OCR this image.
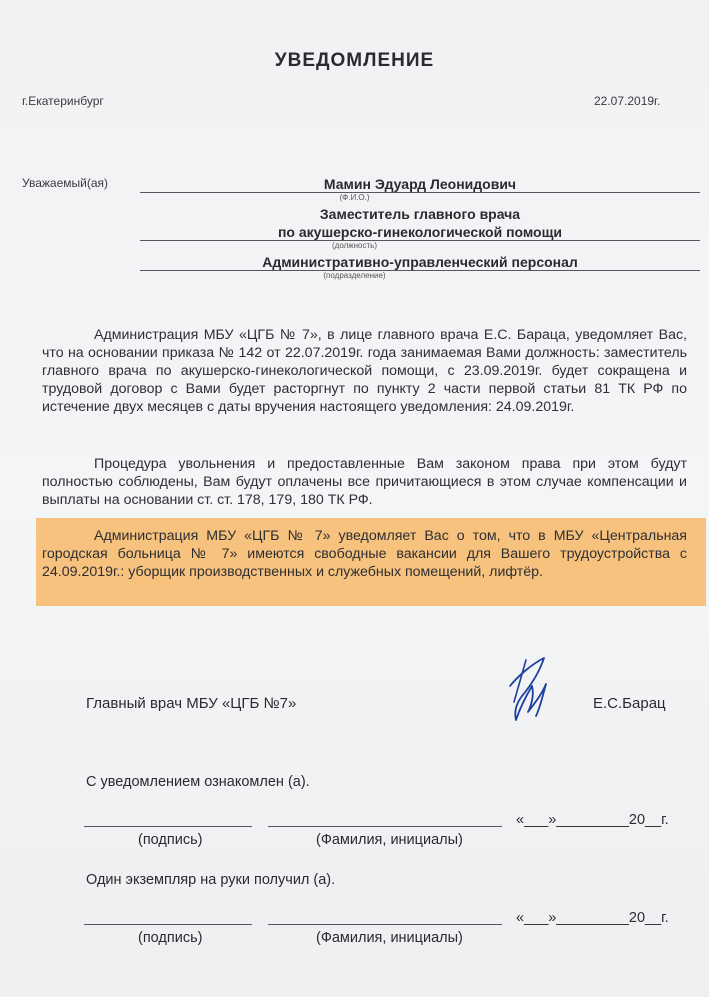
УВЕДОМЛЕНИЕ
г.Екатеринбург	22.07.2019г.
Уважаемый(ая)	Мамин Эдуард Леонидович
(Ф.И.О.)
Заместитель главного врача
по акушерско-гинекологической помощи
(должность)
Административно-управленческий персонал
(подразделение)
Администрация МБУ «ЦГБ № 7», в лице главного врача Е.С. Бараца, уведомляет Вас, что на основании приказа № 142 от 22.07.2019г. года занимаемая Вами должность: заместитель главного врача по акушерско-гинекологической помощи, с 23.09.2019г. будет сокращена и трудовой договор с Вами будет расторгнут по пункту 2 части первой статьи 81 ТК РФ по истечение двух месяцев с даты вручения настоящего уведомления: 24.09.2019г.
Процедура увольнения и предоставленные Вам законом права при этом будут полностью соблюдены, Вам будут оплачены все причитающиеся в этом случае компенсации и выплаты на основании ст. ст. 178, 179, 180 ТК РФ.
Администрация МБУ «ЦГБ № 7» уведомляет Вас о том, что в МБУ «Центральная городская больница № 7» имеются свободные вакансии для Вашего трудоустройства с 24.09.2019г.: уборщик производственных и служебных помещений, лифтёр.
Главный врач МБУ «ЦГБ №7»	Е.С.Барац
С уведомлением ознакомлен (а).
«___»_________20__г.
(подпись)	(Фамилия, инициалы)
Один экземпляр на руки получил (а).
«___»_________20__г.
(подпись)	(Фамилия, инициалы)
